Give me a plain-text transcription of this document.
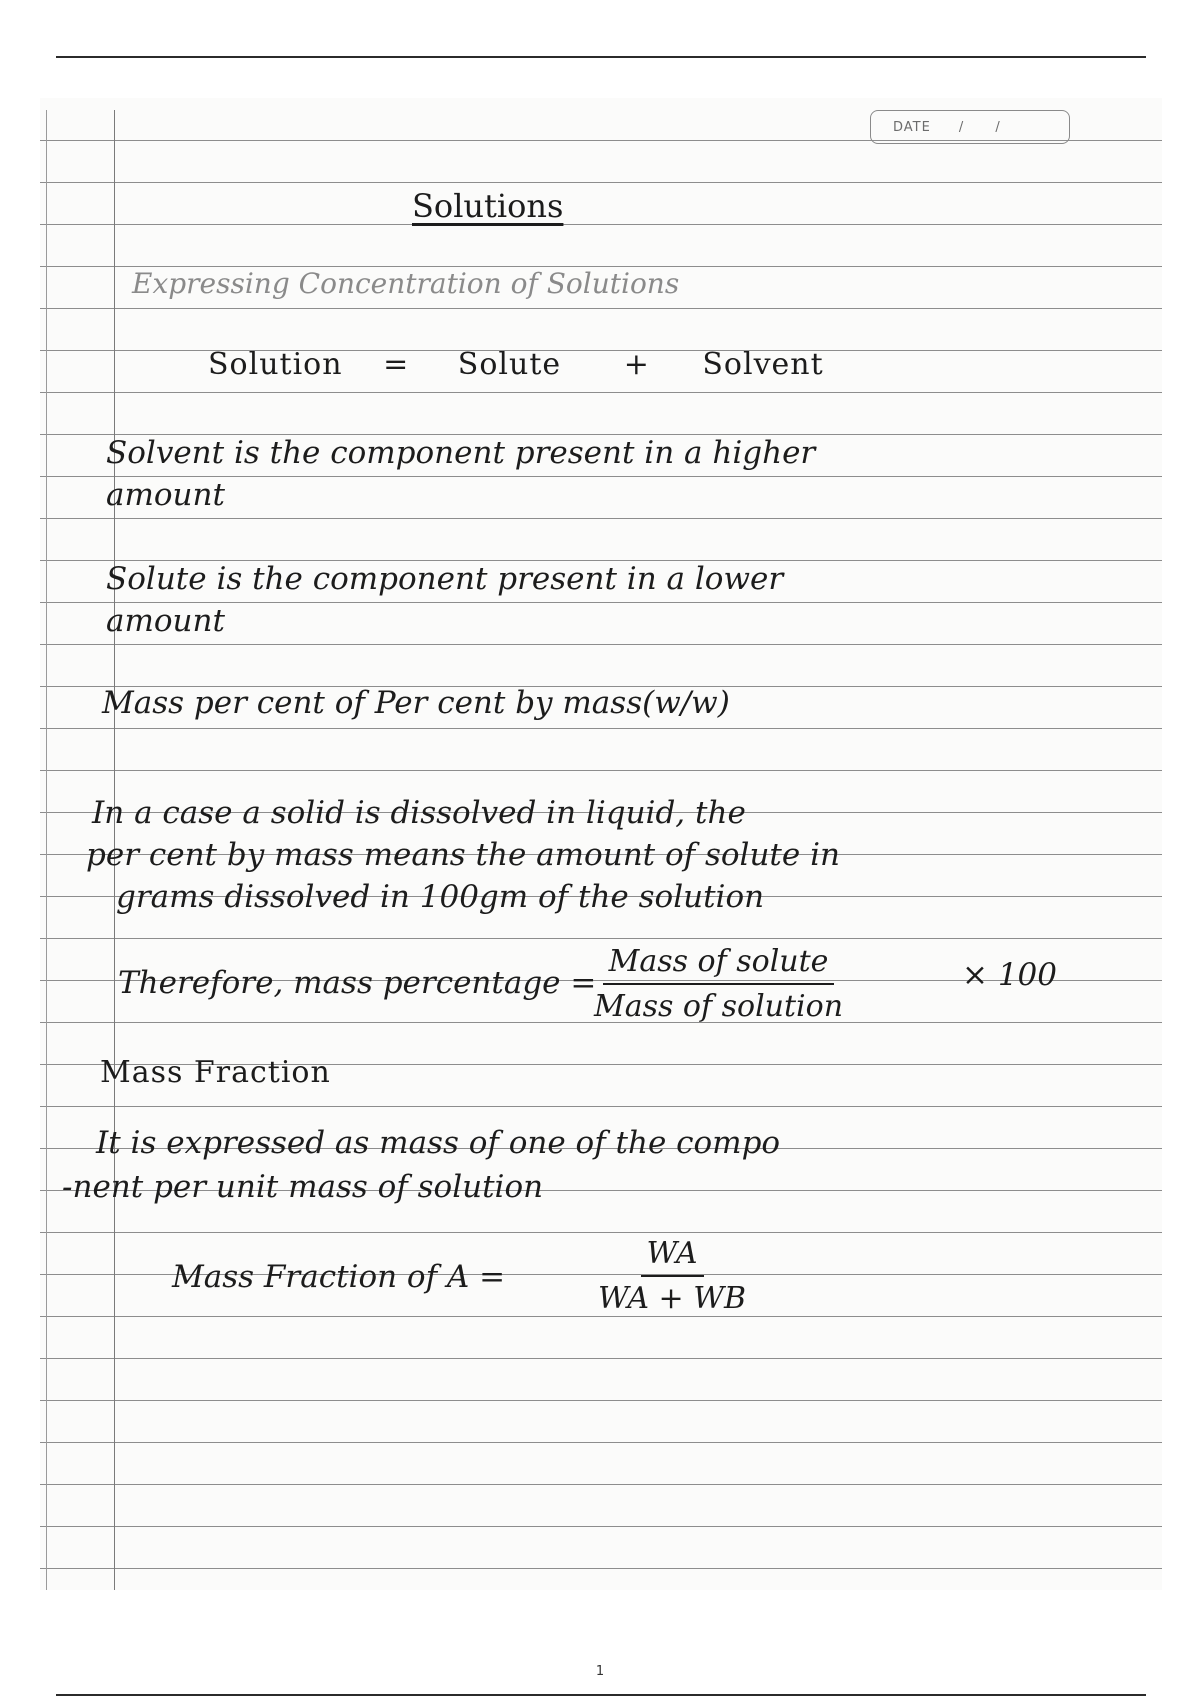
DATE / /
Solutions
Expressing Concentration of Solutions
Solution = Solute + Solvent
Solvent is the component present in a higher
amount
Solute is the component present in a lower
amount
Mass per cent of Per cent by mass(w/w)
In a case a solid is dissolved in liquid, the
per cent by mass means the amount of solute in
grams dissolved in 100gm of the solution
Therefore, mass percentage =
Mass of solute
Mass of solution
× 100
Mass Fraction
It is expressed as mass of one of the compo
-nent per unit mass of solution
Mass Fraction of A =	$\frac{WA}{WA + WB}$
1
